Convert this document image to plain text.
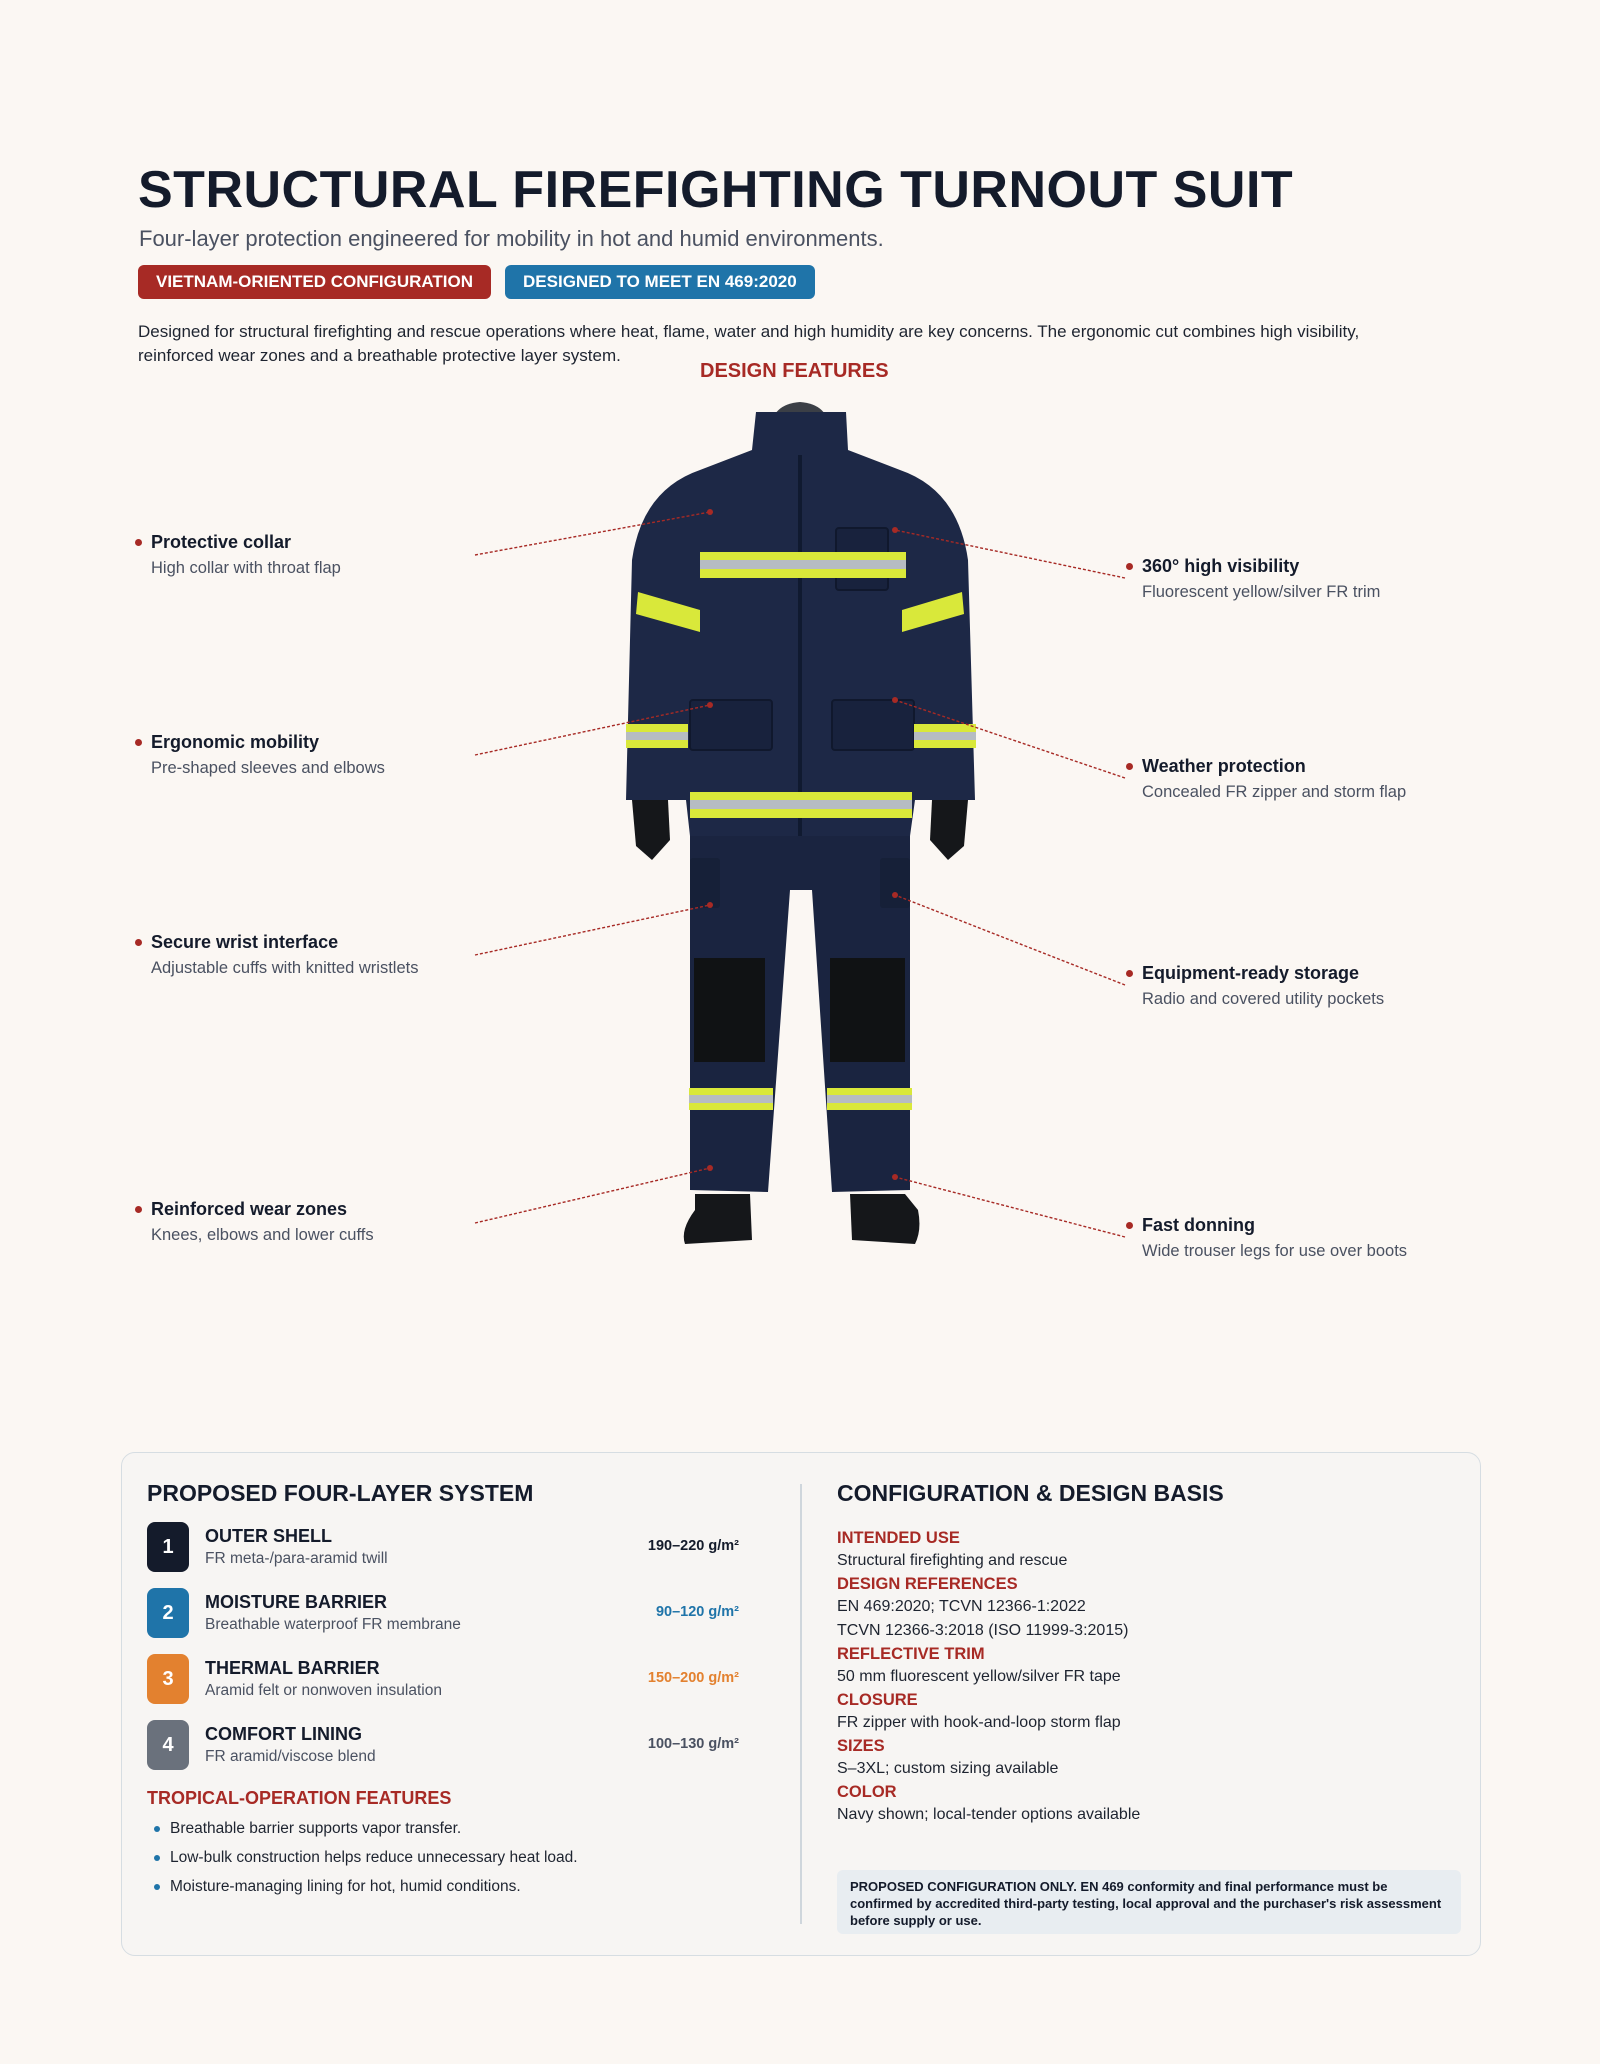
STRUCTURAL FIREFIGHTING TURNOUT SUIT
Four-layer protection engineered for mobility in hot and humid environments.
VIETNAM-ORIENTED CONFIGURATION	DESIGNED TO MEET EN 469:2020
Designed for structural firefighting and rescue operations where heat, flame, water and high humidity are key concerns. The ergonomic cut combines high visibility, reinforced wear zones and a breathable protective layer system.
DESIGN FEATURES
Protective collar
High collar with throat flap
Ergonomic mobility
Pre-shaped sleeves and elbows
Secure wrist interface
Adjustable cuffs with knitted wristlets
Reinforced wear zones
Knees, elbows and lower cuffs
360° high visibility
Fluorescent yellow/silver FR trim
Weather protection
Concealed FR zipper and storm flap
Equipment-ready storage
Radio and covered utility pockets
Fast donning
Wide trouser legs for use over boots
PROPOSED FOUR-LAYER SYSTEM
1	OUTER SHELL
FR meta-/para-aramid twill
190–220 g/m²
2	MOISTURE BARRIER
Breathable waterproof FR membrane
90–120 g/m²
3	THERMAL BARRIER
Aramid felt or nonwoven insulation
150–200 g/m²
4	COMFORT LINING
FR aramid/viscose blend
100–130 g/m²
TROPICAL-OPERATION FEATURES
Breathable barrier supports vapor transfer.
Low-bulk construction helps reduce unnecessary heat load.
Moisture-managing lining for hot, humid conditions.
CONFIGURATION & DESIGN BASIS
INTENDED USE
Structural firefighting and rescue
DESIGN REFERENCES
EN 469:2020; TCVN 12366-1:2022
TCVN 12366-3:2018 (ISO 11999-3:2015)
REFLECTIVE TRIM
50 mm fluorescent yellow/silver FR tape
CLOSURE
FR zipper with hook-and-loop storm flap
SIZES
S–3XL; custom sizing available
COLOR
Navy shown; local-tender options available
PROPOSED CONFIGURATION ONLY. EN 469 conformity and final performance must be confirmed by accredited third-party testing, local approval and the purchaser's risk assessment before supply or use.
